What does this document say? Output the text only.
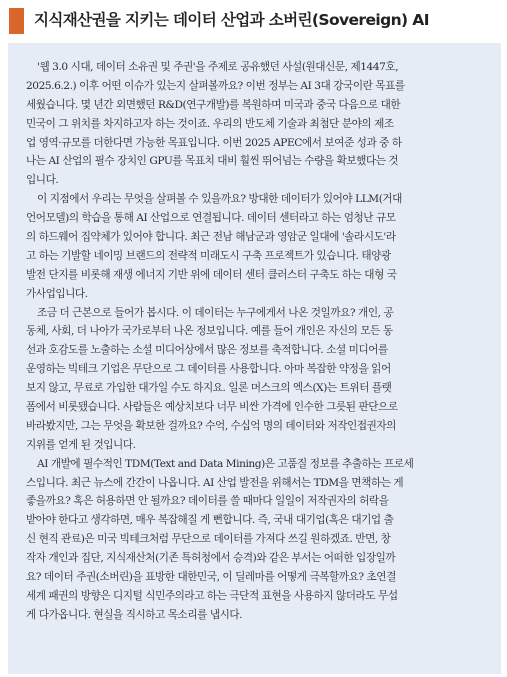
지식재산권을 지키는 데이터 산업과 소버린(Sovereign) AI
'웹 3.0 시대, 데이터 소유권 및 주권'을 주제로 공유했던 사설(원대신문, 제1447호,
2025.6.2.) 이후 어떤 이슈가 있는지 살펴볼까요? 이번 정부는 AI 3대 강국이란 목표를
세웠습니다. 몇 년간 외면했던 R&D(연구개발)를 복원하며 미국과 중국 다음으로 대한
민국이 그 위치를 차지하고자 하는 것이죠. 우리의 반도체 기술과 최첨단 분야의 제조
업 영역·규모를 더한다면 가능한 목표입니다. 이번 2025 APEC에서 보여준 성과 중 하
나는 AI 산업의 필수 장치인 GPU를 목표치 대비 훨씬 뛰어넘는 수량을 확보했다는 것
입니다.
이 지점에서 우리는 무엇을 살펴볼 수 있을까요? 방대한 데이터가 있어야 LLM(거대
언어모델)의 학습을 통해 AI 산업으로 연결됩니다. 데이터 센터라고 하는 엄청난 규모
의 하드웨어 집약체가 있어야 합니다. 최근 전남 해남군과 영암군 일대에 '솔라시도'라
고 하는 기발할 네이밍 브랜드의 전략적 미래도시 구축 프로젝트가 있습니다. 태양광
발전 단지를 비롯해 재생 에너지 기반 위에 데이터 센터 클러스터 구축도 하는 대형 국
가사업입니다.
조금 더 근본으로 들어가 봅시다. 이 데이터는 누구에게서 나온 것일까요? 개인, 공
동체, 사회, 더 나아가 국가로부터 나온 정보입니다. 예를 들어 개인은 자신의 모든 동
선과 호감도를 노출하는 소셜 미디어상에서 많은 정보를 축적합니다. 소셜 미디어를
운영하는 빅테크 기업은 무단으로 그 데이터를 사용합니다. 아마 복잡한 약정을 읽어
보지 않고, 무료로 가입한 대가일 수도 하지요. 일론 머스크의 엑스(X)는 트위터 플랫
폼에서 비롯됐습니다. 사람들은 예상치보다 너무 비싼 가격에 인수한 그릇된 판단으로
바라봤지만, 그는 무엇을 확보한 걸까요? 수억, 수십억 명의 데이터와 저작인접권자의
지위를 얻게 된 것입니다.
AI 개발에 필수적인 TDM(Text and Data Mining)은 고품질 정보를 추출하는 프로세
스입니다. 최근 뉴스에 간간이 나옵니다. AI 산업 발전을 위해서는 TDM을 면책하는 게
좋을까요? 혹은 허용하면 안 될까요? 데이터를 쓸 때마다 일일이 저작권자의 허락을
받아야 한다고 생각하면, 매우 복잡해질 게 뻔합니다. 즉, 국내 대기업(혹은 대기업 출
신 현직 관료)은 미국 빅테크처럼 무단으로 데이터를 가져다 쓰길 원하겠죠. 반면, 창
작자 개인과 집단, 지식재산처(기존 특허청에서 승격)와 같은 부서는 어떠한 입장일까
요? 데이터 주권(소버린)을 표방한 대한민국, 이 딜레마를 어떻게 극복할까요? 초연결
세계 패권의 방향은 디지털 식민주의라고 하는 극단적 표현을 사용하지 않더라도 무섭
게 다가옵니다. 현실을 직시하고 목소리를 냅시다.
